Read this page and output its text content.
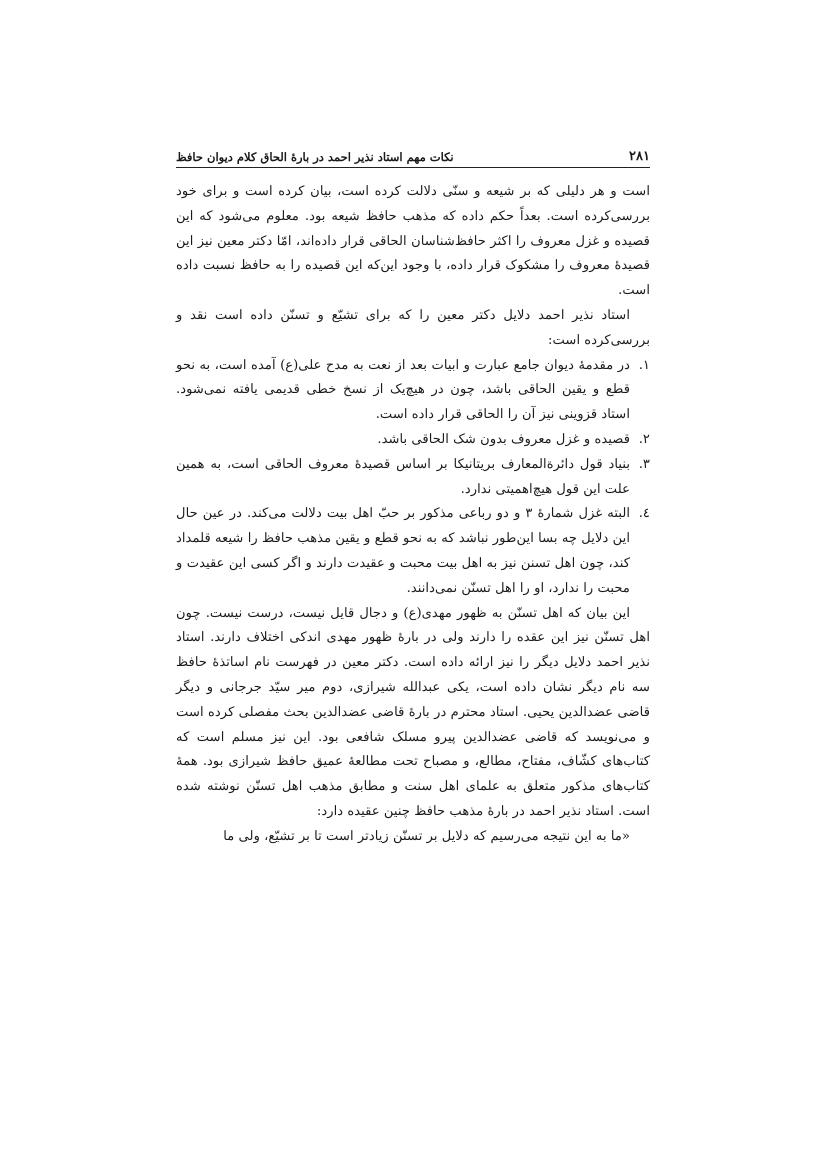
۲۸۱
نکات مهم استاد نذیر احمد در بارهٔ الحاق کلام دیوان حافظ

است و هر دلیلی که بر شیعه و سنّی دلالت کرده است، بیان کرده است و برای خود بررسی‌کرده است. بعداً حکم داده که مذهب حافظ شیعه بود. معلوم می‌شود که این قصیده و غزل معروف را اکثر حافظ‌شناسان الحاقی قرار داده‌اند، امّا دکتر معین نیز این قصیدهٔ معروف را مشکوک قرار داده، با وجود این‌که این قصیده را به حافظ نسبت داده است.

استاد نذیر احمد دلایل دکتر معین را که برای تشیّع و تسنّن داده است نقد و بررسی‌کرده است:

۱.
در مقدمهٔ دیوان جامع عبارت و ابیات بعد از نعت به مدح علی(ع) آمده است، به نحو قطع و یقین الحاقی باشد، چون در هیچ‌یک از نسخ خطی قدیمی یافته نمی‌شود. استاد قزوینی نیز آن را الحاقی قرار داده است.
۲.
قصیده و غزل معروف بدون شک الحاقی باشد.
۳.
بنیاد قول دائرةالمعارف بریتانیکا بر اساس قصیدهٔ معروف الحاقی است، به همین علت این قول هیچ‌اهمیتی ندارد.
٤.
البته غزل شمارهٔ ۳ و دو رباعی مذکور بر حبّ اهل بیت دلالت می‌کند. در عین حال این دلایل چه بسا این‌طور نباشد که به نحو قطع و یقین مذهب حافظ را شیعه قلمداد کند، چون اهل تسنن نیز به اهل بیت محبت و عقیدت دارند و اگر کسی این عقیدت و محبت را ندارد، او را اهل تسنّن نمی‌دانند.

این بیان که اهل تسنّن به ظهور مهدی(ع) و دجال قایل نیست، درست نیست. چون اهل تسنّن نیز این عقده را دارند ولی در بارهٔ ظهور مهدی اندکی اختلاف دارند. استاد نذیر احمد دلایل دیگر را نیز ارائه داده است. دکتر معین در فهرست نام اساتذهٔ حافظ سه نام دیگر نشان داده است، یکی عبدالله شیرازی، دوم میر سیّد جرجانی و دیگر قاضی عضدالدین یحیی. استاد محترم در بارهٔ قاضی عضدالدین بحث مفصلی کرده است و می‌نویسد که قاضی عضدالدین پیرو مسلک شافعی بود. این نیز مسلم است که کتاب‌های کشّاف، مفتاح، مطالع، و مصباح تحت مطالعهٔ عمیق حافظ شیرازی بود. همهٔ کتاب‌های مذکور متعلق به علمای اهل سنت و مطابق مذهب اهل تسنّن نوشته شده است. استاد نذیر احمد در بارهٔ مذهب حافظ چنین عقیده دارد:

«ما به این نتیجه می‌رسیم که دلایل بر تسنّن زیادتر است تا بر تشیّع، ولی ما
